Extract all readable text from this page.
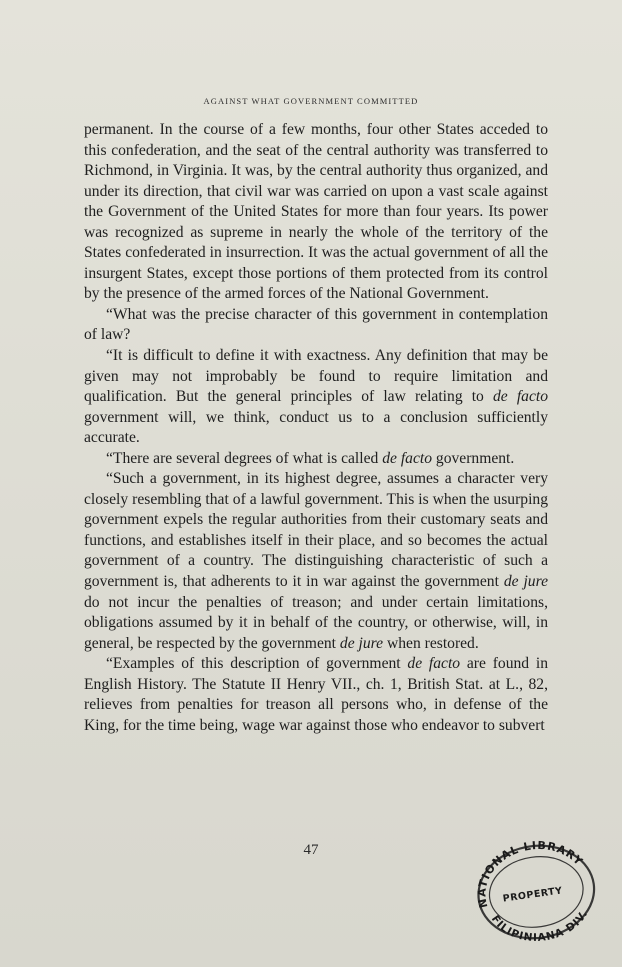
AGAINST WHAT GOVERNMENT COMMITTED

permanent. In the course of a few months, four other States acceded to this confederation, and the seat of the central authority was transferred to Richmond, in Virginia. It was, by the central authority thus organized, and under its direction, that civil war was carried on upon a vast scale against the Government of the United States for more than four years. Its power was recognized as supreme in nearly the whole of the territory of the States confederated in insurrection. It was the actual government of all the insurgent States, except those portions of them protected from its control by the presence of the armed forces of the National Government.

“What was the precise character of this government in contemplation of law?

“It is difficult to define it with exactness. Any definition that may be given may not improbably be found to require limitation and qualification. But the general principles of law relating to de facto government will, we think, conduct us to a conclusion sufficiently accurate.

“There are several degrees of what is called de facto government.

“Such a government, in its highest degree, assumes a character very closely resembling that of a lawful government. This is when the usurping government expels the regular authorities from their customary seats and functions, and establishes itself in their place, and so becomes the actual government of a country. The distinguishing characteristic of such a government is, that adherents to it in war against the government de jure do not incur the penalties of treason; and under certain limitations, obligations assumed by it in behalf of the country, or otherwise, will, in general, be respected by the government de jure when restored.

“Examples of this description of government de facto are found in English History. The Statute II Henry VII., ch. 1, British Stat. at L., 82, relieves from penalties for treason all persons who, in defense of the King, for the time being, wage war against those who endeavor to subvert

47
NATIONAL LIBRARY
PROPERTY
FILIPINIANA DIV.
